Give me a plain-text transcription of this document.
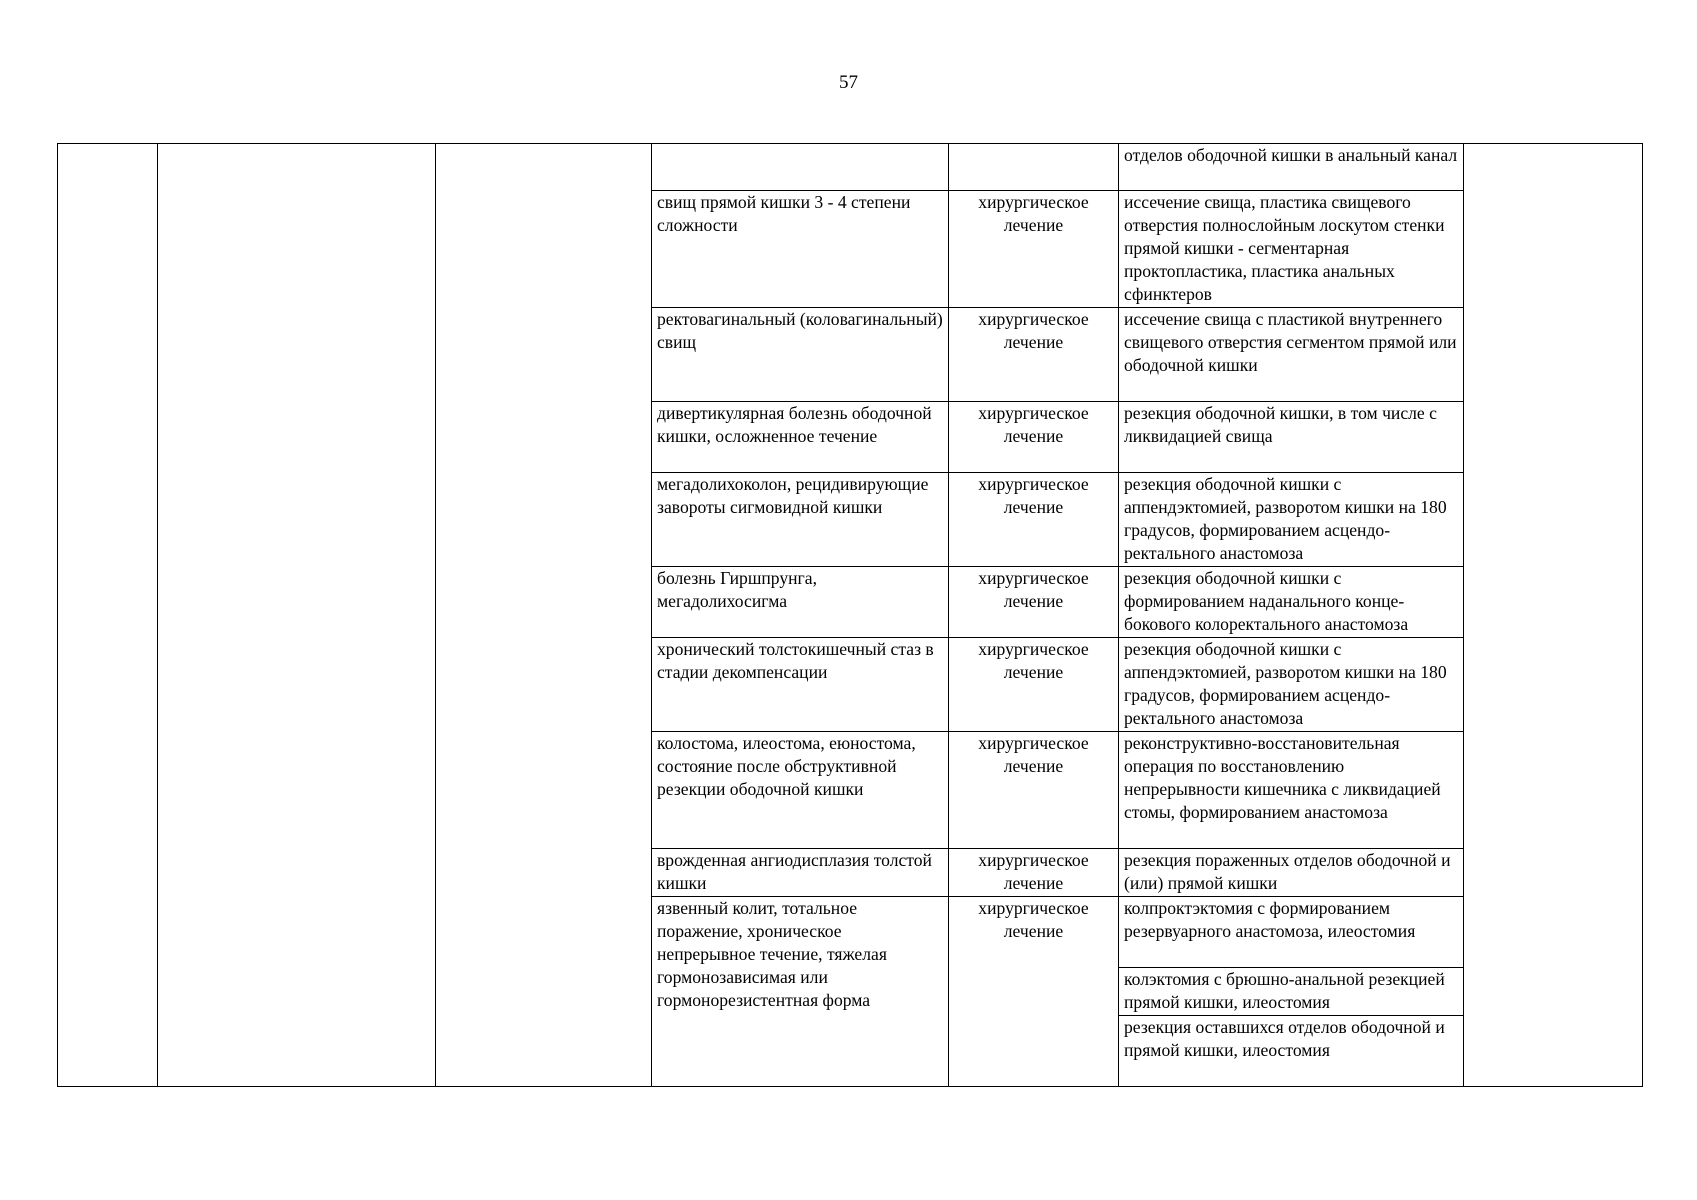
57
					отделов ободочной кишки в анальный канал	
			свищ прямой кишки 3 - 4 степени сложности	хирургическое лечение	иссечение свища, пластика свищевого отверстия полнослойным лоскутом стенки прямой кишки - сегментарная проктопластика, пластика анальных сфинктеров	
			ректовагинальный (коловагинальный) свищ	хирургическое лечение	иссечение свища с пластикой внутреннего свищевого отверстия сегментом прямой или ободочной кишки	
			дивертикулярная болезнь ободочной кишки, осложненное течение	хирургическое лечение	резекция ободочной кишки, в том числе с ликвидацией свища	
			мегадолихоколон, рецидивирующие завороты сигмовидной кишки	хирургическое лечение	резекция ободочной кишки с аппендэктомией, разворотом кишки на 180 градусов, формированием асцендо-ректального анастомоза	
			болезнь Гиршпрунга, мегадолихосигма	хирургическое лечение	резекция ободочной кишки с формированием наданального конце-бокового колоректального анастомоза	
			хронический толстокишечный стаз в стадии декомпенсации	хирургическое лечение	резекция ободочной кишки с аппендэктомией, разворотом кишки на 180 градусов, формированием асцендо-ректального анастомоза	
			колостома, илеостома, еюностома, состояние после обструктивной резекции ободочной кишки	хирургическое лечение	реконструктивно-восстановительная операция по восстановлению непрерывности кишечника с ликвидацией стомы, формированием анастомоза	
			врожденная ангиодисплазия толстой кишки	хирургическое лечение	резекция пораженных отделов ободочной и (или) прямой кишки	
			язвенный колит, тотальное поражение, хроническое непрерывное течение, тяжелая гормонозависимая или гормонорезистентная форма	хирургическое лечение	колпроктэктомия с формированием резервуарного анастомоза, илеостомия	
					колэктомия с брюшно-анальной резекцией прямой кишки, илеостомия	
					резекция оставшихся отделов ободочной и прямой кишки, илеостомия	
